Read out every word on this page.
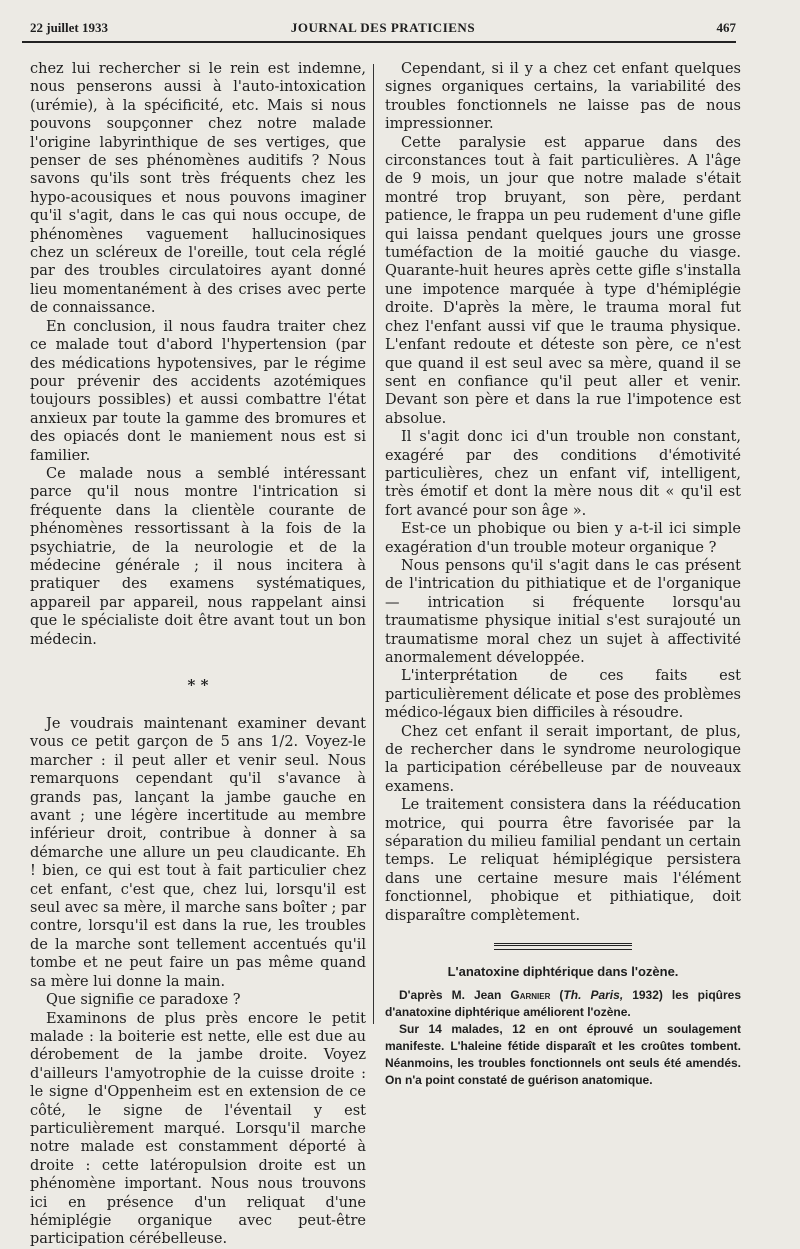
22 juillet 1933	JOURNAL DES PRATICIENS	467

chez lui rechercher si le rein est indemne, nous penserons aussi à l'auto-intoxication (urémie), à la spécificité, etc. Mais si nous pouvons soupçonner chez notre malade l'origine labyrinthique de ses vertiges, que penser de ses phénomènes auditifs ? Nous savons qu'ils sont très fréquents chez les hypo-acousiques et nous pouvons imaginer qu'il s'agit, dans le cas qui nous occupe, de phénomènes vaguement hallucinosiques chez un scléreux de l'oreille, tout cela réglé par des troubles circulatoires ayant donné lieu momentanément à des crises avec perte de connaissance.

En conclusion, il nous faudra traiter chez ce malade tout d'abord l'hypertension (par des médications hypotensives, par le régime pour prévenir des accidents azotémiques toujours possibles) et aussi combattre l'état anxieux par toute la gamme des bromures et des opiacés dont le maniement nous est si familier.

Ce malade nous a semblé intéressant parce qu'il nous montre l'intrication si fréquente dans la clientèle courante de phénomènes ressortissant à la fois de la psychiatrie, de la neurologie et de la médecine générale ; il nous incitera à pratiquer des examens systématiques, appareil par appareil, nous rappelant ainsi que le spécialiste doit être avant tout un bon médecin.

* *

Je voudrais maintenant examiner devant vous ce petit garçon de 5 ans 1/2. Voyez-le marcher : il peut aller et venir seul. Nous remarquons cependant qu'il s'avance à grands pas, lançant la jambe gauche en avant ; une légère incertitude au membre inférieur droit, contribue à donner à sa démarche une allure un peu claudicante. Eh ! bien, ce qui est tout à fait particulier chez cet enfant, c'est que, chez lui, lorsqu'il est seul avec sa mère, il marche sans boîter ; par contre, lorsqu'il est dans la rue, les troubles de la marche sont tellement accentués qu'il tombe et ne peut faire un pas même quand sa mère lui donne la main.

Que signifie ce paradoxe ?

Examinons de plus près encore le petit malade : la boiterie est nette, elle est due au dérobement de la jambe droite. Voyez d'ailleurs l'amyotrophie de la cuisse droite : le signe d'Oppenheim est en extension de ce côté, le signe de l'éventail y est particulièrement marqué. Lorsqu'il marche notre malade est constamment déporté à droite : cette latéropulsion droite est un phénomène important. Nous nous trouvons ici en présence d'un reliquat d'une hémiplégie organique avec peut-être participation cérébelleuse.

Cependant, si il y a chez cet enfant quelques signes organiques certains, la variabilité des troubles fonctionnels ne laisse pas de nous impressionner.

Cette paralysie est apparue dans des circonstances tout à fait particulières. A l'âge de 9 mois, un jour que notre malade s'était montré trop bruyant, son père, perdant patience, le frappa un peu rudement d'une gifle qui laissa pendant quelques jours une grosse tuméfaction de la moitié gauche du viasge. Quarante-huit heures après cette gifle s'installa une impotence marquée à type d'hémiplégie droite. D'après la mère, le trauma moral fut chez l'enfant aussi vif que le trauma physique. L'enfant redoute et déteste son père, ce n'est que quand il est seul avec sa mère, quand il se sent en confiance qu'il peut aller et venir. Devant son père et dans la rue l'impotence est absolue.

Il s'agit donc ici d'un trouble non constant, exagéré par des conditions d'émotivité particulières, chez un enfant vif, intelligent, très émotif et dont la mère nous dit « qu'il est fort avancé pour son âge ».

Est-ce un phobique ou bien y a-t-il ici simple exagération d'un trouble moteur organique ?

Nous pensons qu'il s'agit dans le cas présent de l'intrication du pithiatique et de l'organique — intrication si fréquente lorsqu'au traumatisme physique initial s'est surajouté un traumatisme moral chez un sujet à affectivité anormalement développée.

L'interprétation de ces faits est particulièrement délicate et pose des problèmes médico-légaux bien difficiles à résoudre.

Chez cet enfant il serait important, de plus, de rechercher dans le syndrome neurologique la participation cérébelleuse par de nouveaux examens.

Le traitement consistera dans la rééducation motrice, qui pourra être favorisée par la séparation du milieu familial pendant un certain temps. Le reliquat hémiplégique persistera dans une certaine mesure mais l'élément fonctionnel, phobique et pithiatique, doit disparaître complètement.

L'anatoxine diphtérique dans l'ozène.

D'après M. Jean Garnier (Th. Paris, 1932) les piqûres d'anatoxine diphtérique améliorent l'ozène.

Sur 14 malades, 12 en ont éprouvé un soulagement manifeste. L'haleine fétide disparaît et les croûtes tombent. Néanmoins, les troubles fonctionnels ont seuls été amendés. On n'a point constaté de guérison anatomique.
